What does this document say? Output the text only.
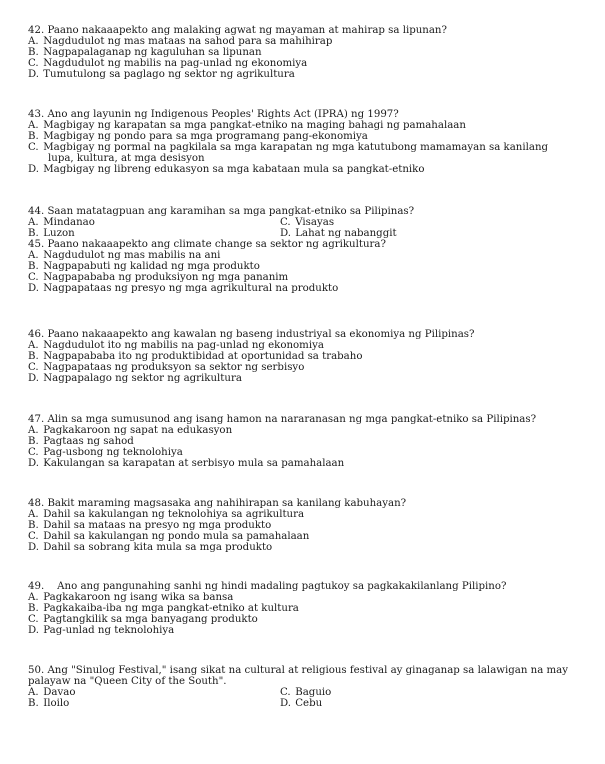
42. Paano nakaaapekto ang malaking agwat ng mayaman at mahirap sa lipunan?

A. Nagdudulot ng mas mataas na sahod para sa mahihirap

B. Nagpapalaganap ng kaguluhan sa lipunan

C. Nagdudulot ng mabilis na pag-unlad ng ekonomiya

D. Tumutulong sa paglago ng sektor ng agrikultura

43. Ano ang layunin ng Indigenous Peoples' Rights Act (IPRA) ng 1997?

A. Magbigay ng karapatan sa mga pangkat-etniko na maging bahagi ng pamahalaan

B. Magbigay ng pondo para sa mga programang pang-ekonomiya

C. Magbigay ng pormal na pagkilala sa mga karapatan ng mga katutubong mamamayan sa kanilang

lupa, kultura, at mga desisyon

D. Magbigay ng libreng edukasyon sa mga kabataan mula sa pangkat-etniko

44. Saan matatagpuan ang karamihan sa mga pangkat-etniko sa Pilipinas?

A. Mindanao	C. Visayas

B. Luzon	D. Lahat ng nabanggit

45. Paano nakaaapekto ang climate change sa sektor ng agrikultura?

A. Nagdudulot ng mas mabilis na ani

B. Nagpapabuti ng kalidad ng mga produkto

C. Nagpapababa ng produksiyon ng mga pananim

D. Nagpapataas ng presyo ng mga agrikultural na produkto

46. Paano nakaaapekto ang kawalan ng baseng industriyal sa ekonomiya ng Pilipinas?

A. Nagdudulot ito ng mabilis na pag-unlad ng ekonomiya

B. Nagpapababa ito ng produktibidad at oportunidad sa trabaho

C. Nagpapataas ng produksyon sa sektor ng serbisyo

D. Nagpapalago ng sektor ng agrikultura

47. Alin sa mga sumusunod ang isang hamon na nararanasan ng mga pangkat-etniko sa Pilipinas?

A. Pagkakaroon ng sapat na edukasyon

B. Pagtaas ng sahod

C. Pag-usbong ng teknolohiya

D. Kakulangan sa karapatan at serbisyo mula sa pamahalaan

48. Bakit maraming magsasaka ang nahihirapan sa kanilang kabuhayan?

A. Dahil sa kakulangan ng teknolohiya sa agrikultura

B. Dahil sa mataas na presyo ng mga produkto

C. Dahil sa kakulangan ng pondo mula sa pamahalaan

D. Dahil sa sobrang kita mula sa mga produkto

49.    Ano ang pangunahing sanhi ng hindi madaling pagtukoy sa pagkakakilanlang Pilipino?

A. Pagkakaroon ng isang wika sa bansa

B. Pagkakaiba-iba ng mga pangkat-etniko at kultura

C. Pagtangkilik sa mga banyagang produkto

D. Pag-unlad ng teknolohiya

50. Ang "Sinulog Festival," isang sikat na cultural at religious festival ay ginaganap sa lalawigan na may palayaw na "Queen City of the South".

A. Davao	C. Baguio

B. Iloilo	D. Cebu
